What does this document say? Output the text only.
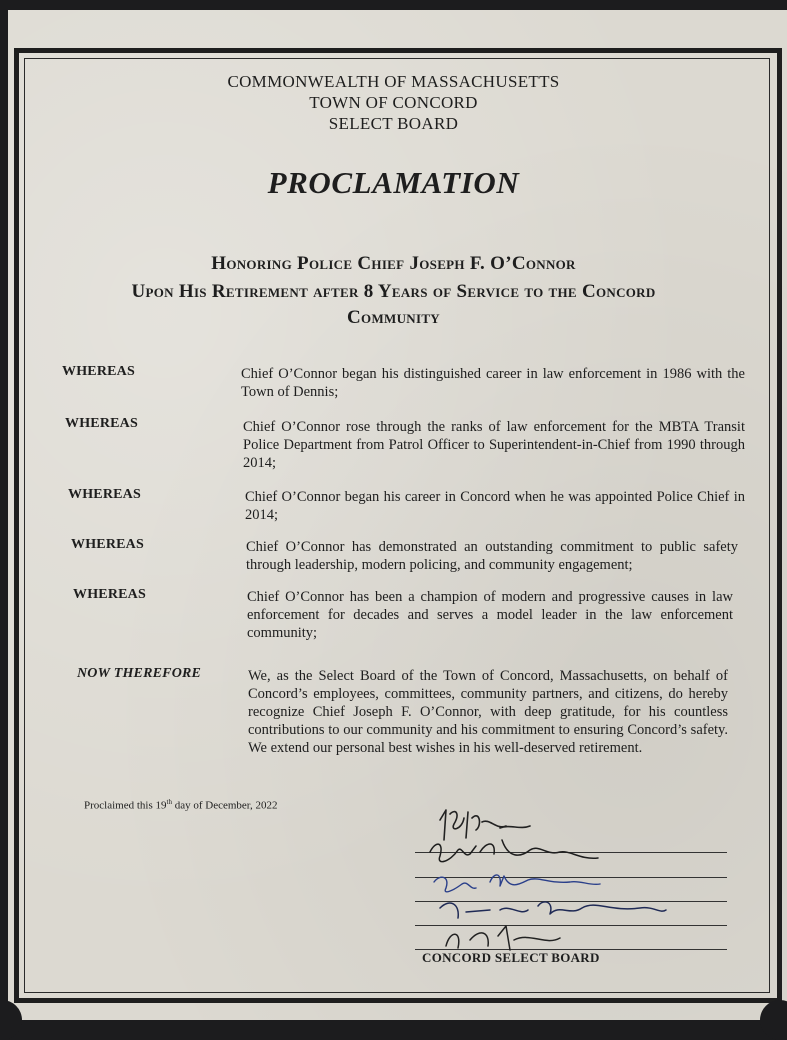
COMMONWEALTH OF MASSACHUSETTS
TOWN OF CONCORD
SELECT BOARD
PROCLAMATION
Honoring Police Chief Joseph F. O’Connor
Upon His Retirement after 8 Years of Service to the Concord
Community
WHEREAS	Chief O’Connor began his distinguished career in law enforcement in 1986 with the Town of Dennis;
WHEREAS	Chief O’Connor rose through the ranks of law enforcement for the MBTA Transit Police Department from Patrol Officer to Superintendent-in-Chief from 1990 through 2014;
WHEREAS	Chief O’Connor began his career in Concord when he was appointed Police Chief in 2014;
WHEREAS	Chief O’Connor has demonstrated an outstanding commitment to public safety through leadership, modern policing, and community engagement;
WHEREAS	Chief O’Connor has been a champion of modern and progressive causes in law enforcement for decades and serves a model leader in the law enforcement community;
NOW THEREFORE	We, as the Select Board of the Town of Concord, Massachusetts, on behalf of Concord’s employees, committees, community partners, and citizens, do hereby recognize Chief Joseph F. O’Connor, with deep gratitude, for his countless contributions to our community and his commitment to ensuring Concord’s safety. We extend our personal best wishes in his well-deserved retirement.
Proclaimed this 19th day of December, 2022
CONCORD SELECT BOARD
